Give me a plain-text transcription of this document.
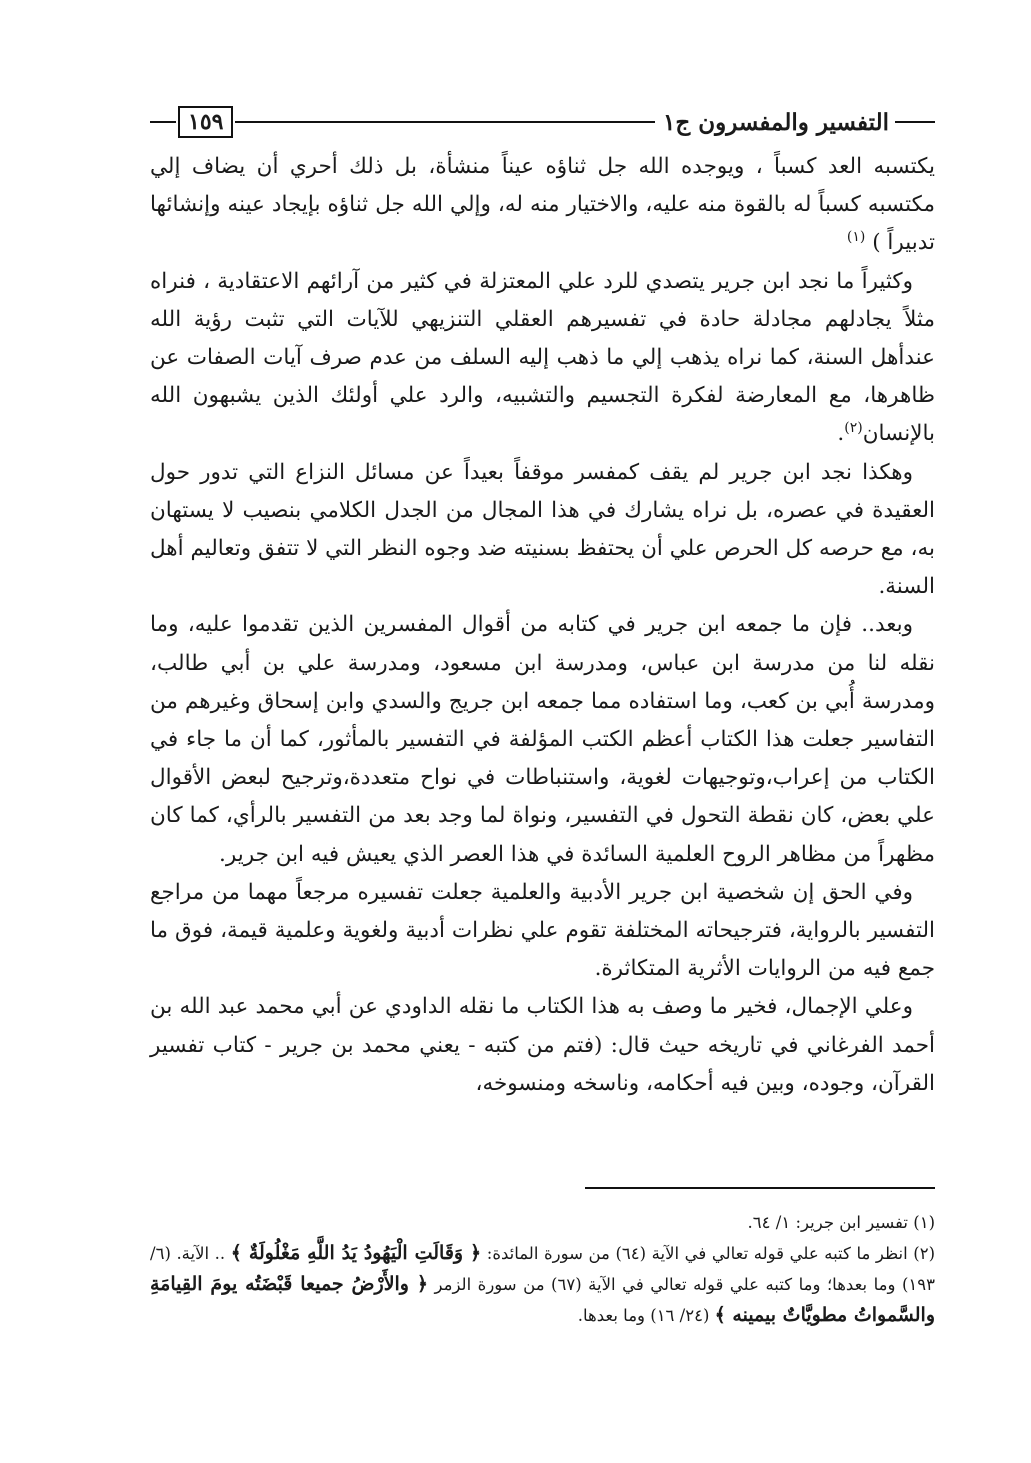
التفسير والمفسرون ج١
١٥٩

يكتسبه العد كسباً ، ويوجده الله جل ثناؤه عيناً منشأة، بل ذلك أحري أن يضاف إلي مكتسبه كسباً له بالقوة منه عليه، والاختيار منه له، وإلي الله جل ثناؤه بإيجاد عينه وإنشائها تدبيراً ) $^{(١)}$

وكثيراً ما نجد ابن جرير يتصدي للرد علي المعتزلة في كثير من آرائهم الاعتقادية ، فنراه مثلاً يجادلهم مجادلة حادة في تفسيرهم العقلي التنزيهي للآيات التي تثبت رؤية الله عندأهل السنة، كما نراه يذهب إلي ما ذهب إليه السلف من عدم صرف آيات الصفات عن ظاهرها، مع المعارضة لفكرة التجسيم والتشبيه، والرد علي أولئك الذين يشبهون الله بالإنسان$^{(٢)}$.

وهكذا نجد ابن جرير لم يقف كمفسر موقفاً بعيداً عن مسائل النزاع التي تدور حول العقيدة في عصره، بل نراه يشارك في هذا المجال من الجدل الكلامي بنصيب لا يستهان به، مع حرصه كل الحرص علي أن يحتفظ بسنيته ضد وجوه النظر التي لا تتفق وتعاليم أهل السنة.

وبعد.. فإن ما جمعه ابن جرير في كتابه من أقوال المفسرين الذين تقدموا عليه، وما نقله لنا من مدرسة ابن عباس، ومدرسة ابن مسعود، ومدرسة علي بن أبي طالب، ومدرسة أُبي بن كعب، وما استفاده مما جمعه ابن جريج والسدي وابن إسحاق وغيرهم من التفاسير جعلت هذا الكتاب أعظم الكتب المؤلفة في التفسير بالمأثور، كما أن ما جاء في الكتاب من إعراب،وتوجيهات لغوية، واستنباطات في نواح متعددة،وترجيح لبعض الأقوال علي بعض، كان نقطة التحول في التفسير، ونواة لما وجد بعد من التفسير بالرأي، كما كان مظهراً من مظاهر الروح العلمية السائدة في هذا العصر الذي يعيش فيه ابن جرير.

وفي الحق إن شخصية ابن جرير الأدبية والعلمية جعلت تفسيره مرجعاً مهما من مراجع التفسير بالرواية، فترجيحاته المختلفة تقوم علي نظرات أدبية ولغوية وعلمية قيمة، فوق ما جمع فيه من الروايات الأثرية المتكاثرة.

وعلي الإجمال، فخير ما وصف به هذا الكتاب ما نقله الداودي عن أبي محمد عبد الله بن أحمد الفرغاني في تاريخه حيث قال: (فتم من كتبه - يعني محمد بن جرير - كتاب تفسير القرآن، وجوده، وبين فيه أحكامه، وناسخه ومنسوخه،

(١) تفسير ابن جرير: ١/ ٦٤.

(٢) انظر ما كتبه علي قوله تعالي في الآية (٦٤) من سورة المائدة: ﴿ وَقَالَتِ الْيَهُودُ يَدُ اللَّهِ مَغْلُولَةٌ ﴾ .. الآية. (٦/ ١٩٣) وما بعدها؛ وما كتبه علي قوله تعالي في الآية (٦٧) من سورة الزمر ﴿ والأَرْضُ جميعا قَبْضَتُه يومَ القِيامَةِ والسَّمواتُ مطويَّاتٌ بيمينه ﴾ (٢٤/ ١٦) وما بعدها.
